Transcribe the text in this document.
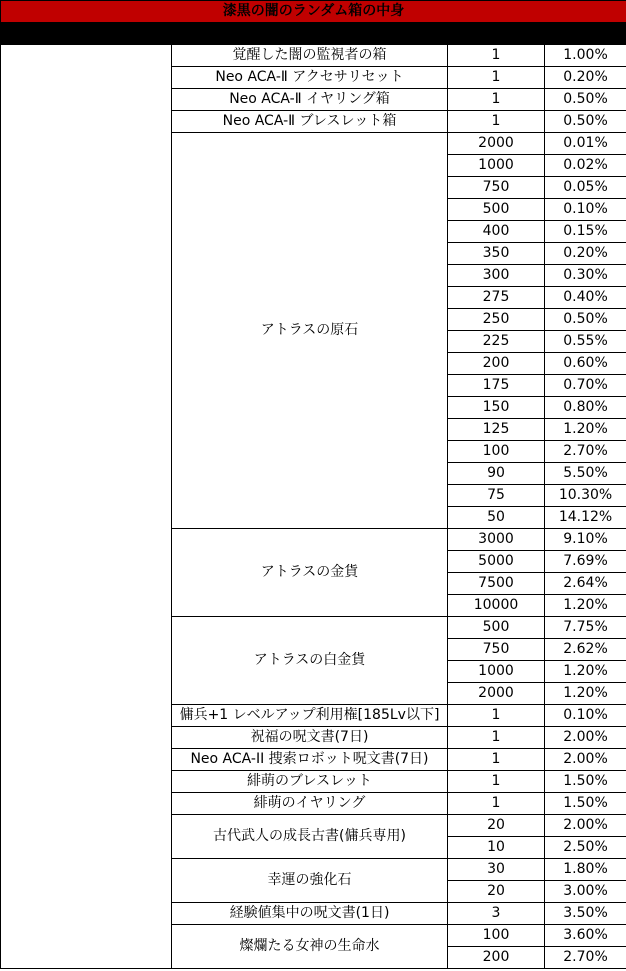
漆黒の闇のランダム箱の中身			
使用アイテム	獲得アイテム	個数	確率
	覚醒した闇の監視者の箱	1	1.00%
	Neo ACA-Ⅱ アクセサリセット	1	0.20%
	Neo ACA-Ⅱ イヤリング箱	1	0.50%
	Neo ACA-Ⅱ ブレスレット箱	1	0.50%
	アトラスの原石	2000	0.01%
		1000	0.02%
		750	0.05%
		500	0.10%
		400	0.15%
		350	0.20%
		300	0.30%
		275	0.40%
		250	0.50%
		225	0.55%
		200	0.60%
		175	0.70%
		150	0.80%
		125	1.20%
		100	2.70%
		90	5.50%
		75	10.30%
		50	14.12%
	アトラスの金貨	3000	9.10%
		5000	7.69%
		7500	2.64%
		10000	1.20%
	アトラスの白金貨	500	7.75%
		750	2.62%
		1000	1.20%
		2000	1.20%
	傭兵+1 レベルアップ利用権[185Lv以下]	1	0.10%
	祝福の呪文書(7日)	1	2.00%
	Neo ACA-II 捜索ロボット呪文書(7日)	1	2.00%
	緋萌のブレスレット	1	1.50%
	緋萌のイヤリング	1	1.50%
	古代武人の成長古書(傭兵専用)	20	2.00%
		10	2.50%
	幸運の強化石	30	1.80%
		20	3.00%
	経験値集中の呪文書(1日)	3	3.50%
	燦爛たる女神の生命水	100	3.60%
		200	2.70%
